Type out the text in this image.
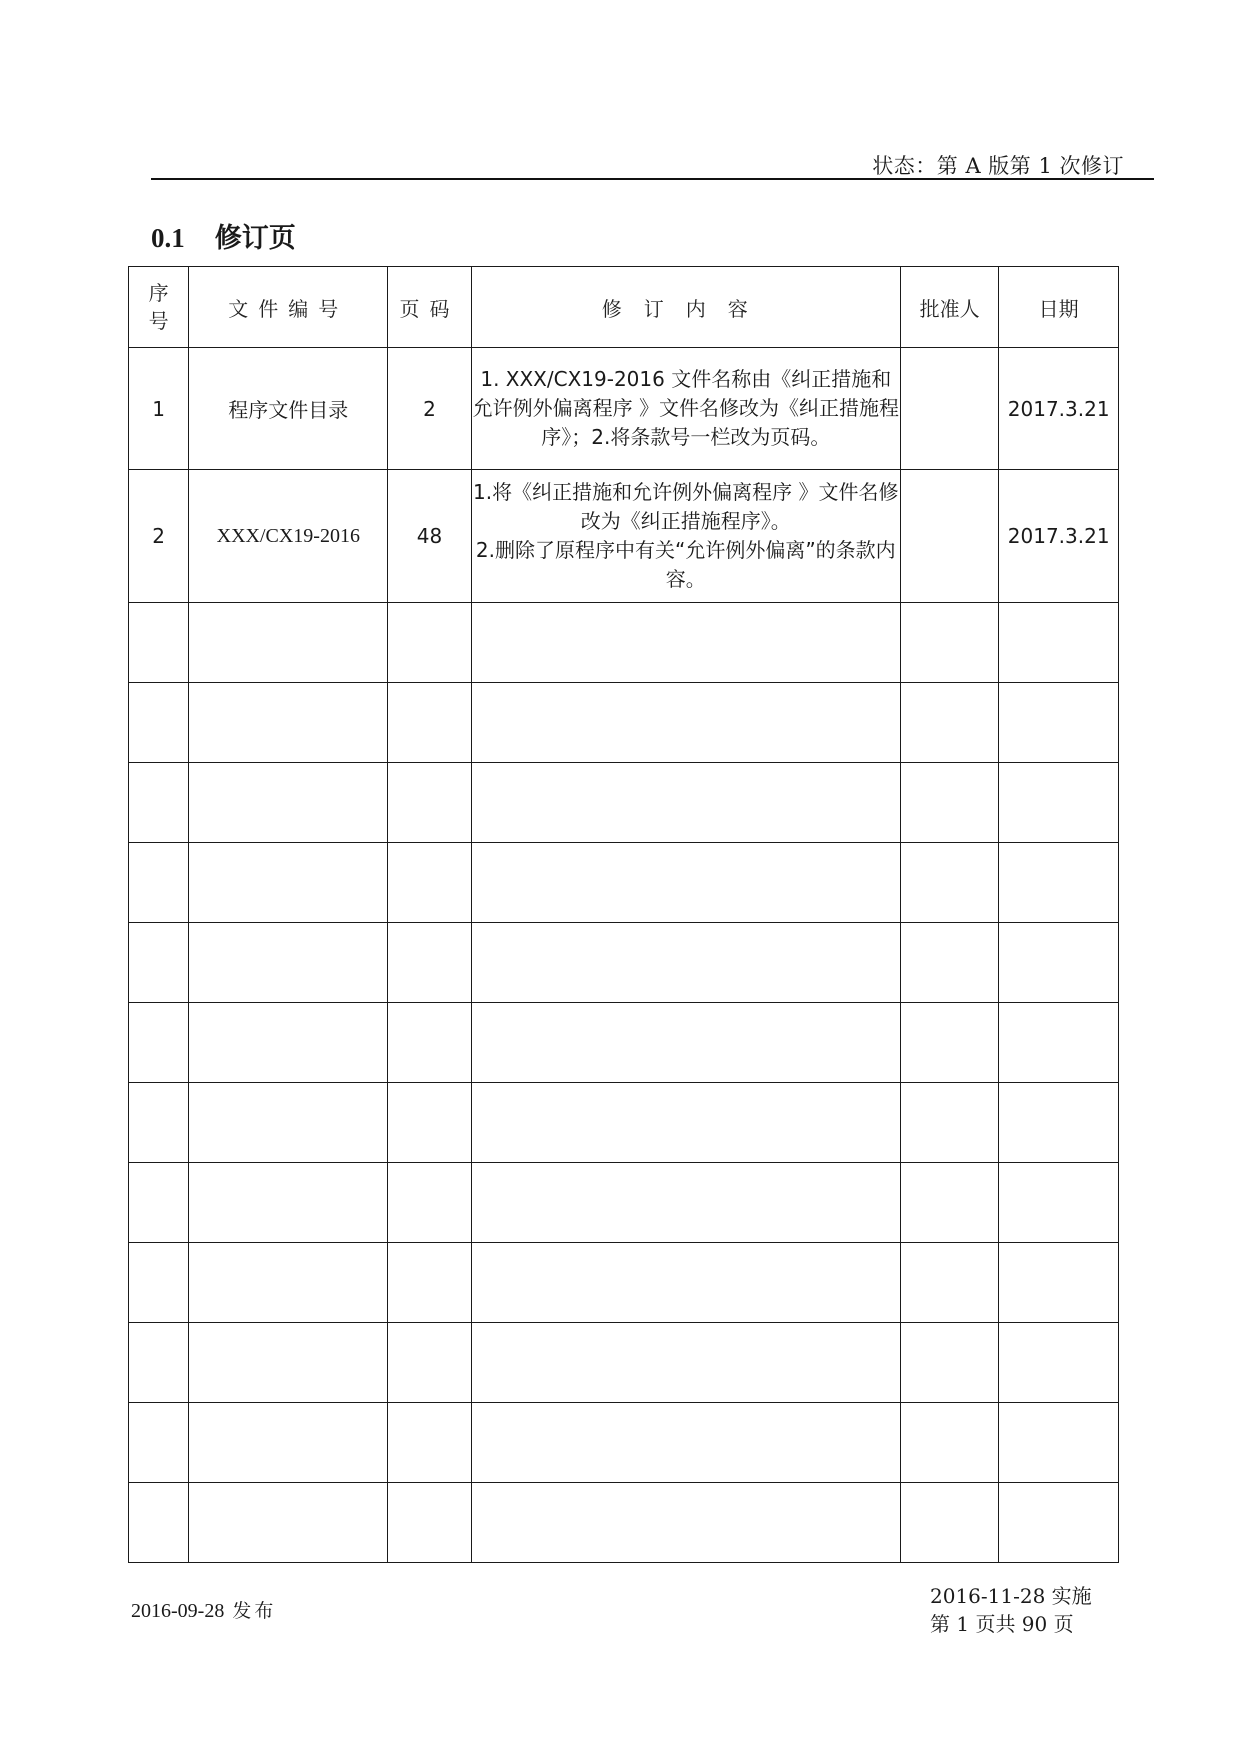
状态：第 A 版第 1 次修订
0.1 修订页
序
号	文件编号	页码	修订内容	批准人	日期
1	程序文件目录	2	1. XXX/CX19-2016 文件名称由《纠正措施和允许例外偏离程序 》文件名修改为《纠正措施程序》；2.将条款号一栏改为页码。		2017.3.21
2	XXX/CX19-2016	48	1.将《纠正措施和允许例外偏离程序 》文件名修改为《纠正措施程序》。
2.删除了原程序中有关“允许例外偏离”的条款内容。		2017.3.21

2016-09-28 发布
2016-11-28 实施
第 1 页共 90 页
